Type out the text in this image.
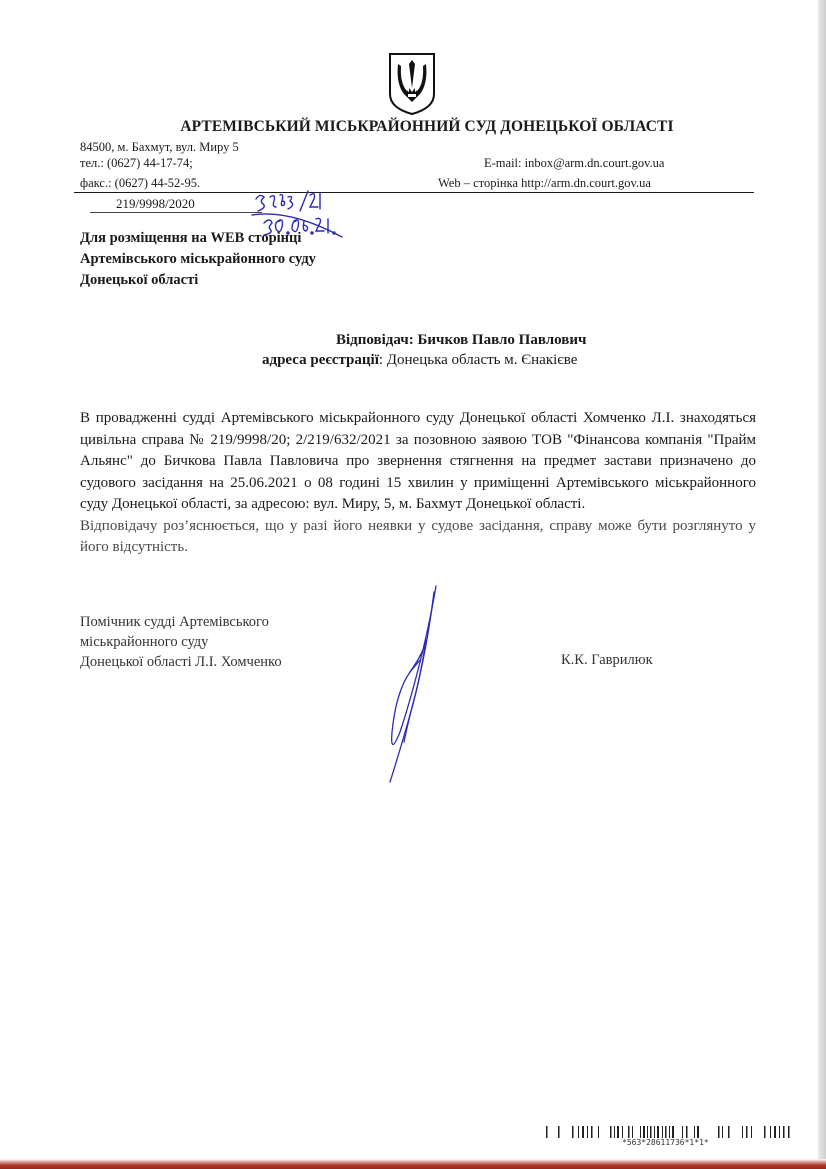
АРТЕМІВСЬКИЙ МІСЬКРАЙОННИЙ СУД ДОНЕЦЬКОЇ ОБЛАСТІ
84500, м. Бахмут, вул. Миру 5
тел.: (0627) 44-17-74;
факс.: (0627) 44-52-95.
E-mail: inbox@arm.dn.court.gov.ua
Web – сторінка http://arm.dn.court.gov.ua
219/9998/2020
Для розміщення на WEB сторінці
Артемівського міськрайонного суду
Донецької області
Відповідач: Бичков Павло Павлович
адреса реєстрації: Донецька область м. Єнакієве

В провадженні судді Артемівського міськрайонного суду Донецької області Хомченко Л.І. знаходяться цивільна справа № 219/9998/20; 2/219/632/2021 за позовною заявою ТОВ "Фінансова компанія "Прайм Альянс" до Бичкова Павла Павловича про звернення стягнення на предмет застави призначено до судового засідання на 25.06.2021 о 08 годині 15 хвилин у приміщенні Артемівського міськрайонного суду Донецької області, за адресою: вул. Миру, 5, м. Бахмут Донецької області.

Відповідачу роз’яснюється, що у разі його неявки у судове засідання, справу може бути розглянуто у його відсутність.

Помічник судді Артемівського
міськрайонного суду
Донецької області Л.І. Хомченко	К.К. Гаврилюк
*563*28611736*1*1*
